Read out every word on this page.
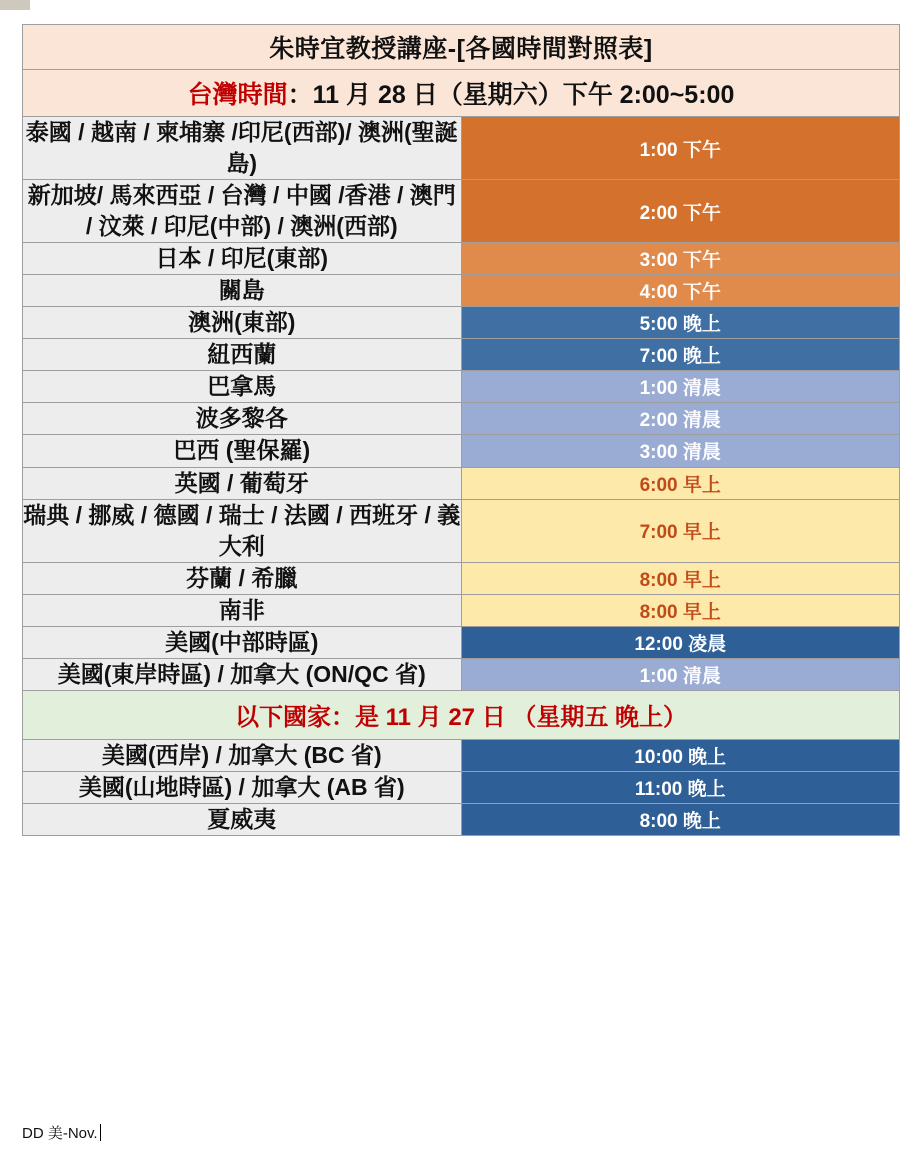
朱時宜教授講座-[各國時間對照表]	
台灣時間：11 月 28 日（星期六）下午 2:00~5:00	
泰國 / 越南 / 柬埔寨 /印尼(西部)/ 澳洲(聖誕島)	1:00 下午
新加坡/ 馬來西亞 / 台灣 / 中國 /香港 / 澳門 / 汶萊 / 印尼(中部) / 澳洲(西部)	2:00 下午
日本 / 印尼(東部)	3:00 下午
關島	4:00 下午
澳洲(東部)	5:00 晚上
紐西蘭	7:00 晚上
巴拿馬	1:00 清晨
波多黎各	2:00 清晨
巴西 (聖保羅)	3:00 清晨
英國 / 葡萄牙	6:00 早上
瑞典 / 挪威 / 德國 / 瑞士 / 法國 / 西班牙 / 義大利	7:00 早上
芬蘭 / 希臘	8:00 早上
南非	8:00 早上
美國(中部時區)	12:00 凌晨
美國(東岸時區) / 加拿大 (ON/QC 省)	1:00 清晨
以下國家：是 11 月 27 日 （星期五 晚上）	
美國(西岸) / 加拿大 (BC 省)	10:00 晚上
美國(山地時區) / 加拿大 (AB 省)	11:00 晚上
夏威夷	8:00 晚上
DD 美-Nov.
